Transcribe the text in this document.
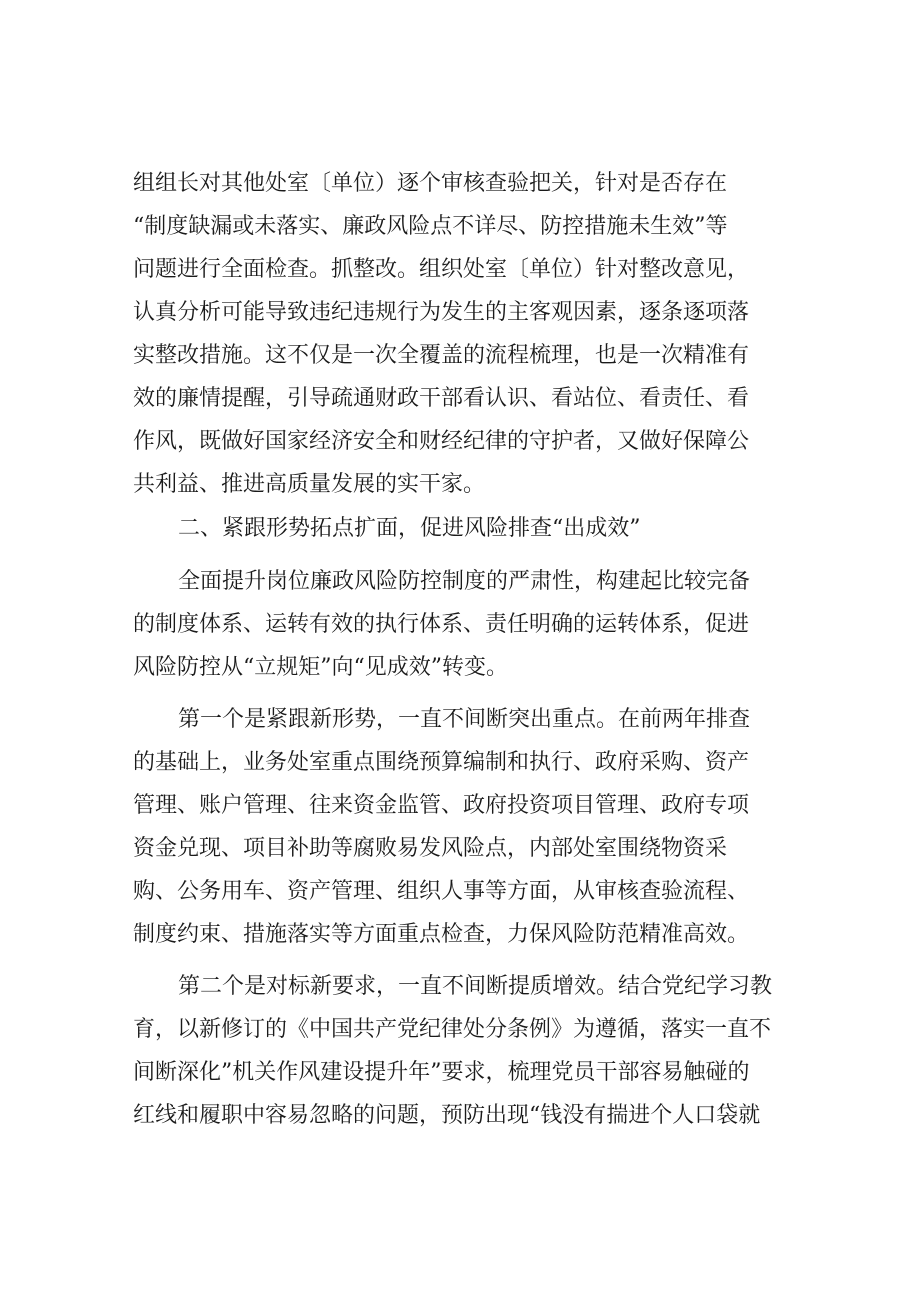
组组长对其他处室〔单位）逐个审核查验把关，针对是否存在
“制度缺漏或未落实、廉政风险点不详尽、防控措施未生效”等
问题进行全面检查。抓整改。组织处室〔单位）针对整改意见，
认真分析可能导致违纪违规行为发生的主客观因素，逐条逐项落
实整改措施。这不仅是一次全覆盖的流程梳理，也是一次精准有
效的廉情提醒，引导疏通财政干部看认识、看站位、看责任、看
作风，既做好国家经济安全和财经纪律的守护者，又做好保障公
共利益、推进高质量发展的实干家。
二、紧跟形势拓点扩面，促进风险排查“出成效”
全面提升岗位廉政风险防控制度的严肃性，构建起比较完备
的制度体系、运转有效的执行体系、责任明确的运转体系，促进
风险防控从“立规矩”向“见成效”转变。
第一个是紧跟新形势，一直不间断突出重点。在前两年排查
的基础上，业务处室重点围绕预算编制和执行、政府采购、资产
管理、账户管理、往来资金监管、政府投资项目管理、政府专项
资金兑现、项目补助等腐败易发风险点，内部处室围绕物资采
购、公务用车、资产管理、组织人事等方面，从审核查验流程、
制度约束、措施落实等方面重点检查，力保风险防范精准高效。
第二个是对标新要求，一直不间断提质增效。结合党纪学习教
育，以新修订的《中国共产党纪律处分条例》为遵循，落实一直不
间断深化”机关作风建设提升年”要求，梳理党员干部容易触碰的
红线和履职中容易忽略的问题，预防出现“钱没有揣进个人口袋就
